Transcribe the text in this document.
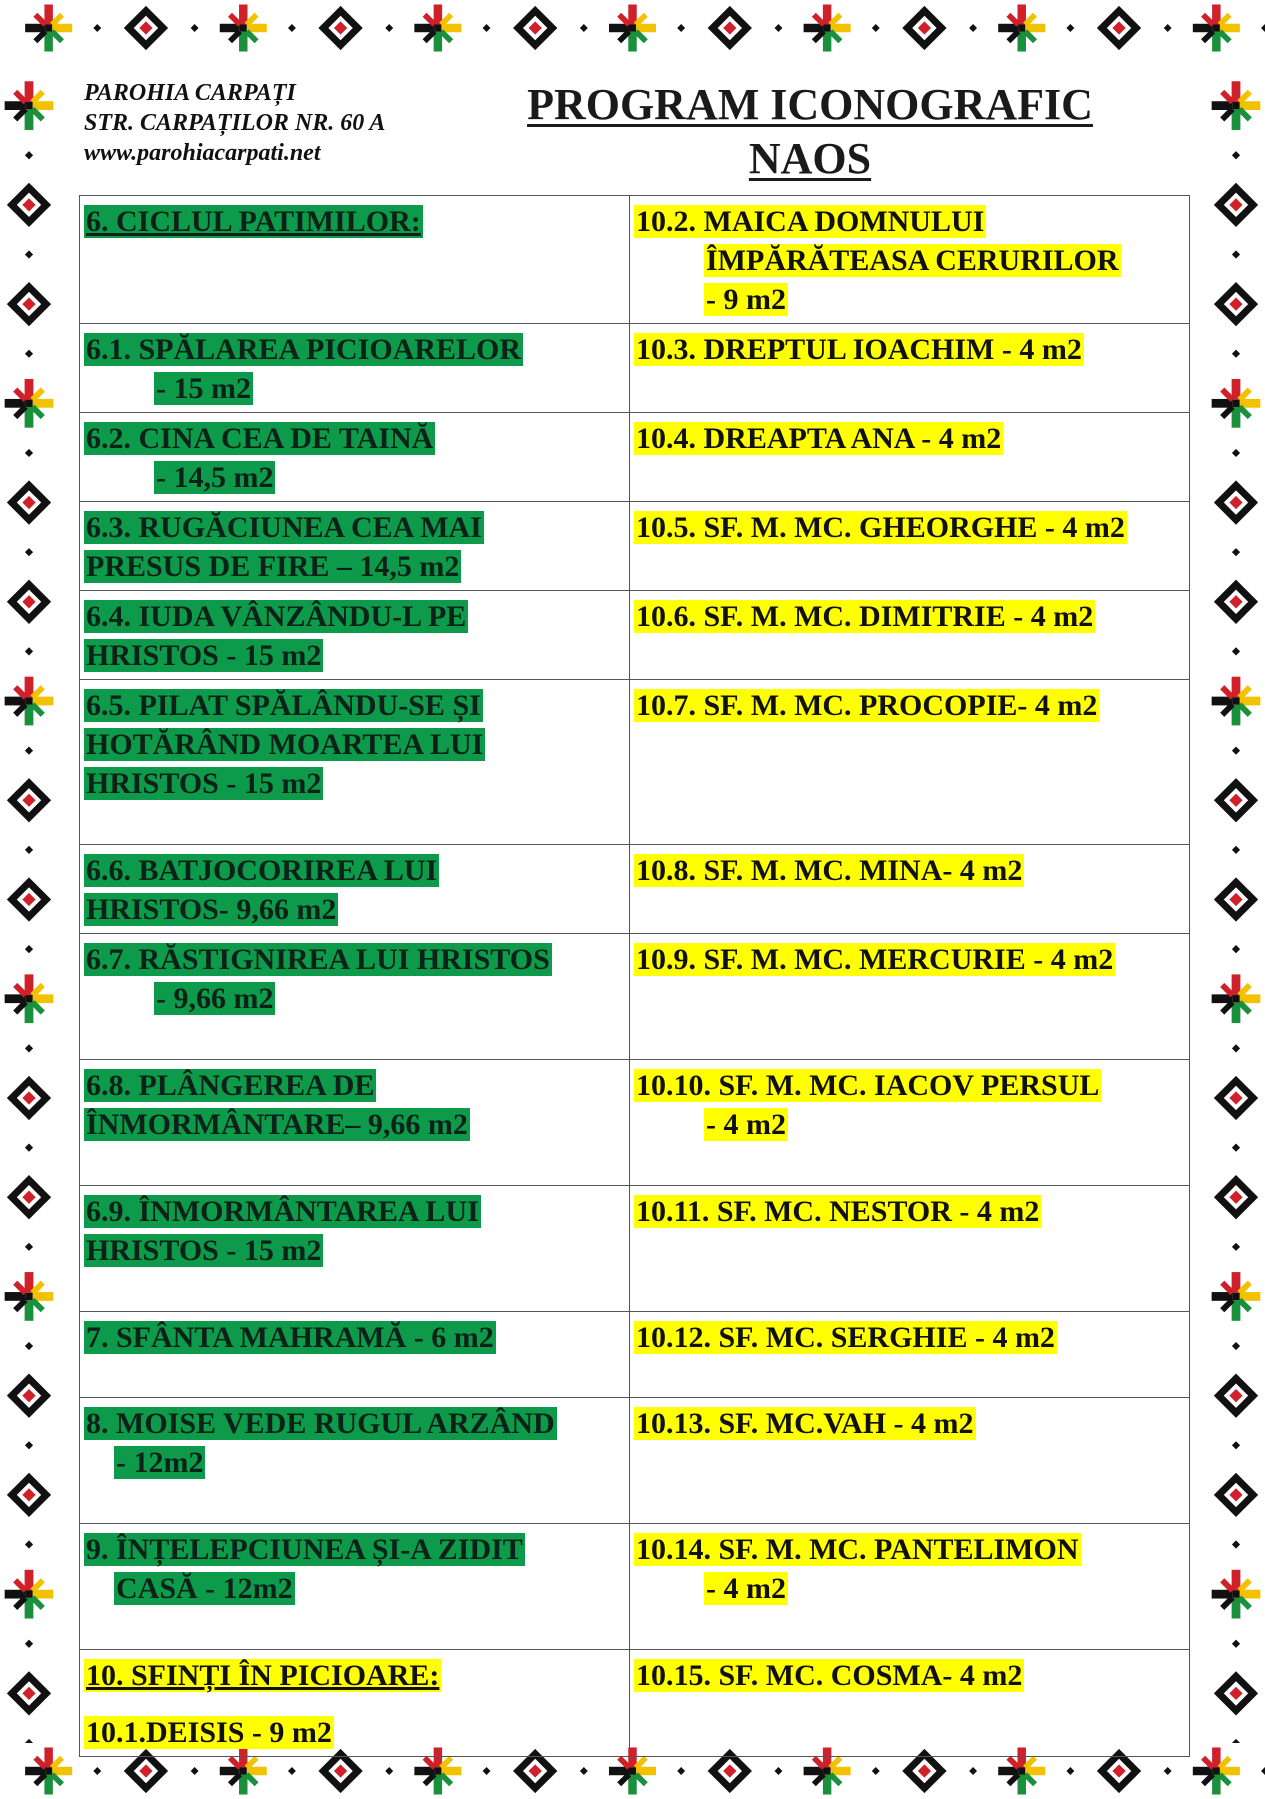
PAROHIA CARPAȚI
STR. CARPAȚILOR NR. 60 A
www.parohiacarpati.net
PROGRAM ICONOGRAFIC
NAOS
6. CICLUL PATIMILOR:	10.2. MAICA DOMNULUI
ÎMPĂRĂTEASA CERURILOR
- 9 m2

6.1. SPĂLAREA PICIOARELOR
- 15 m2	10.3. DREPTUL IOACHIM - 4 m2

6.2. CINA CEA DE TAINĂ
- 14,5 m2	10.4. DREAPTA ANA - 4 m2

6.3. RUGĂCIUNEA CEA MAI
PRESUS DE FIRE – 14,5 m2	10.5. SF. M. MC. GHEORGHE - 4 m2

6.4. IUDA VÂNZÂNDU-L PE
HRISTOS - 15 m2	10.6. SF. M. MC. DIMITRIE - 4 m2

6.5. PILAT SPĂLÂNDU-SE ȘI
HOTĂRÂND MOARTEA LUI
HRISTOS - 15 m2	10.7. SF. M. MC. PROCOPIE- 4 m2

6.6. BATJOCORIREA LUI
HRISTOS- 9,66 m2	10.8. SF. M. MC. MINA- 4 m2

6.7. RĂSTIGNIREA LUI HRISTOS
- 9,66 m2	10.9. SF. M. MC. MERCURIE - 4 m2

6.8. PLÂNGEREA DE
ÎNMORMÂNTARE– 9,66 m2	10.10. SF. M. MC. IACOV PERSUL
- 4 m2

6.9. ÎNMORMÂNTAREA LUI
HRISTOS - 15 m2	10.11. SF. MC. NESTOR - 4 m2
7. SFÂNTA MAHRAMĂ - 6 m2	10.12. SF. MC. SERGHIE - 4 m2

8. MOISE VEDE RUGUL ARZÂND
- 12m2	10.13. SF. MC.VAH - 4 m2

9. ÎNȚELEPCIUNEA ȘI-A ZIDIT
CASĂ - 12m2	10.14. SF. M. MC. PANTELIMON
- 4 m2

10. SFINȚI ÎN PICIOARE:
10.1.DEISIS - 9 m2	10.15. SF. MC. COSMA- 4 m2
